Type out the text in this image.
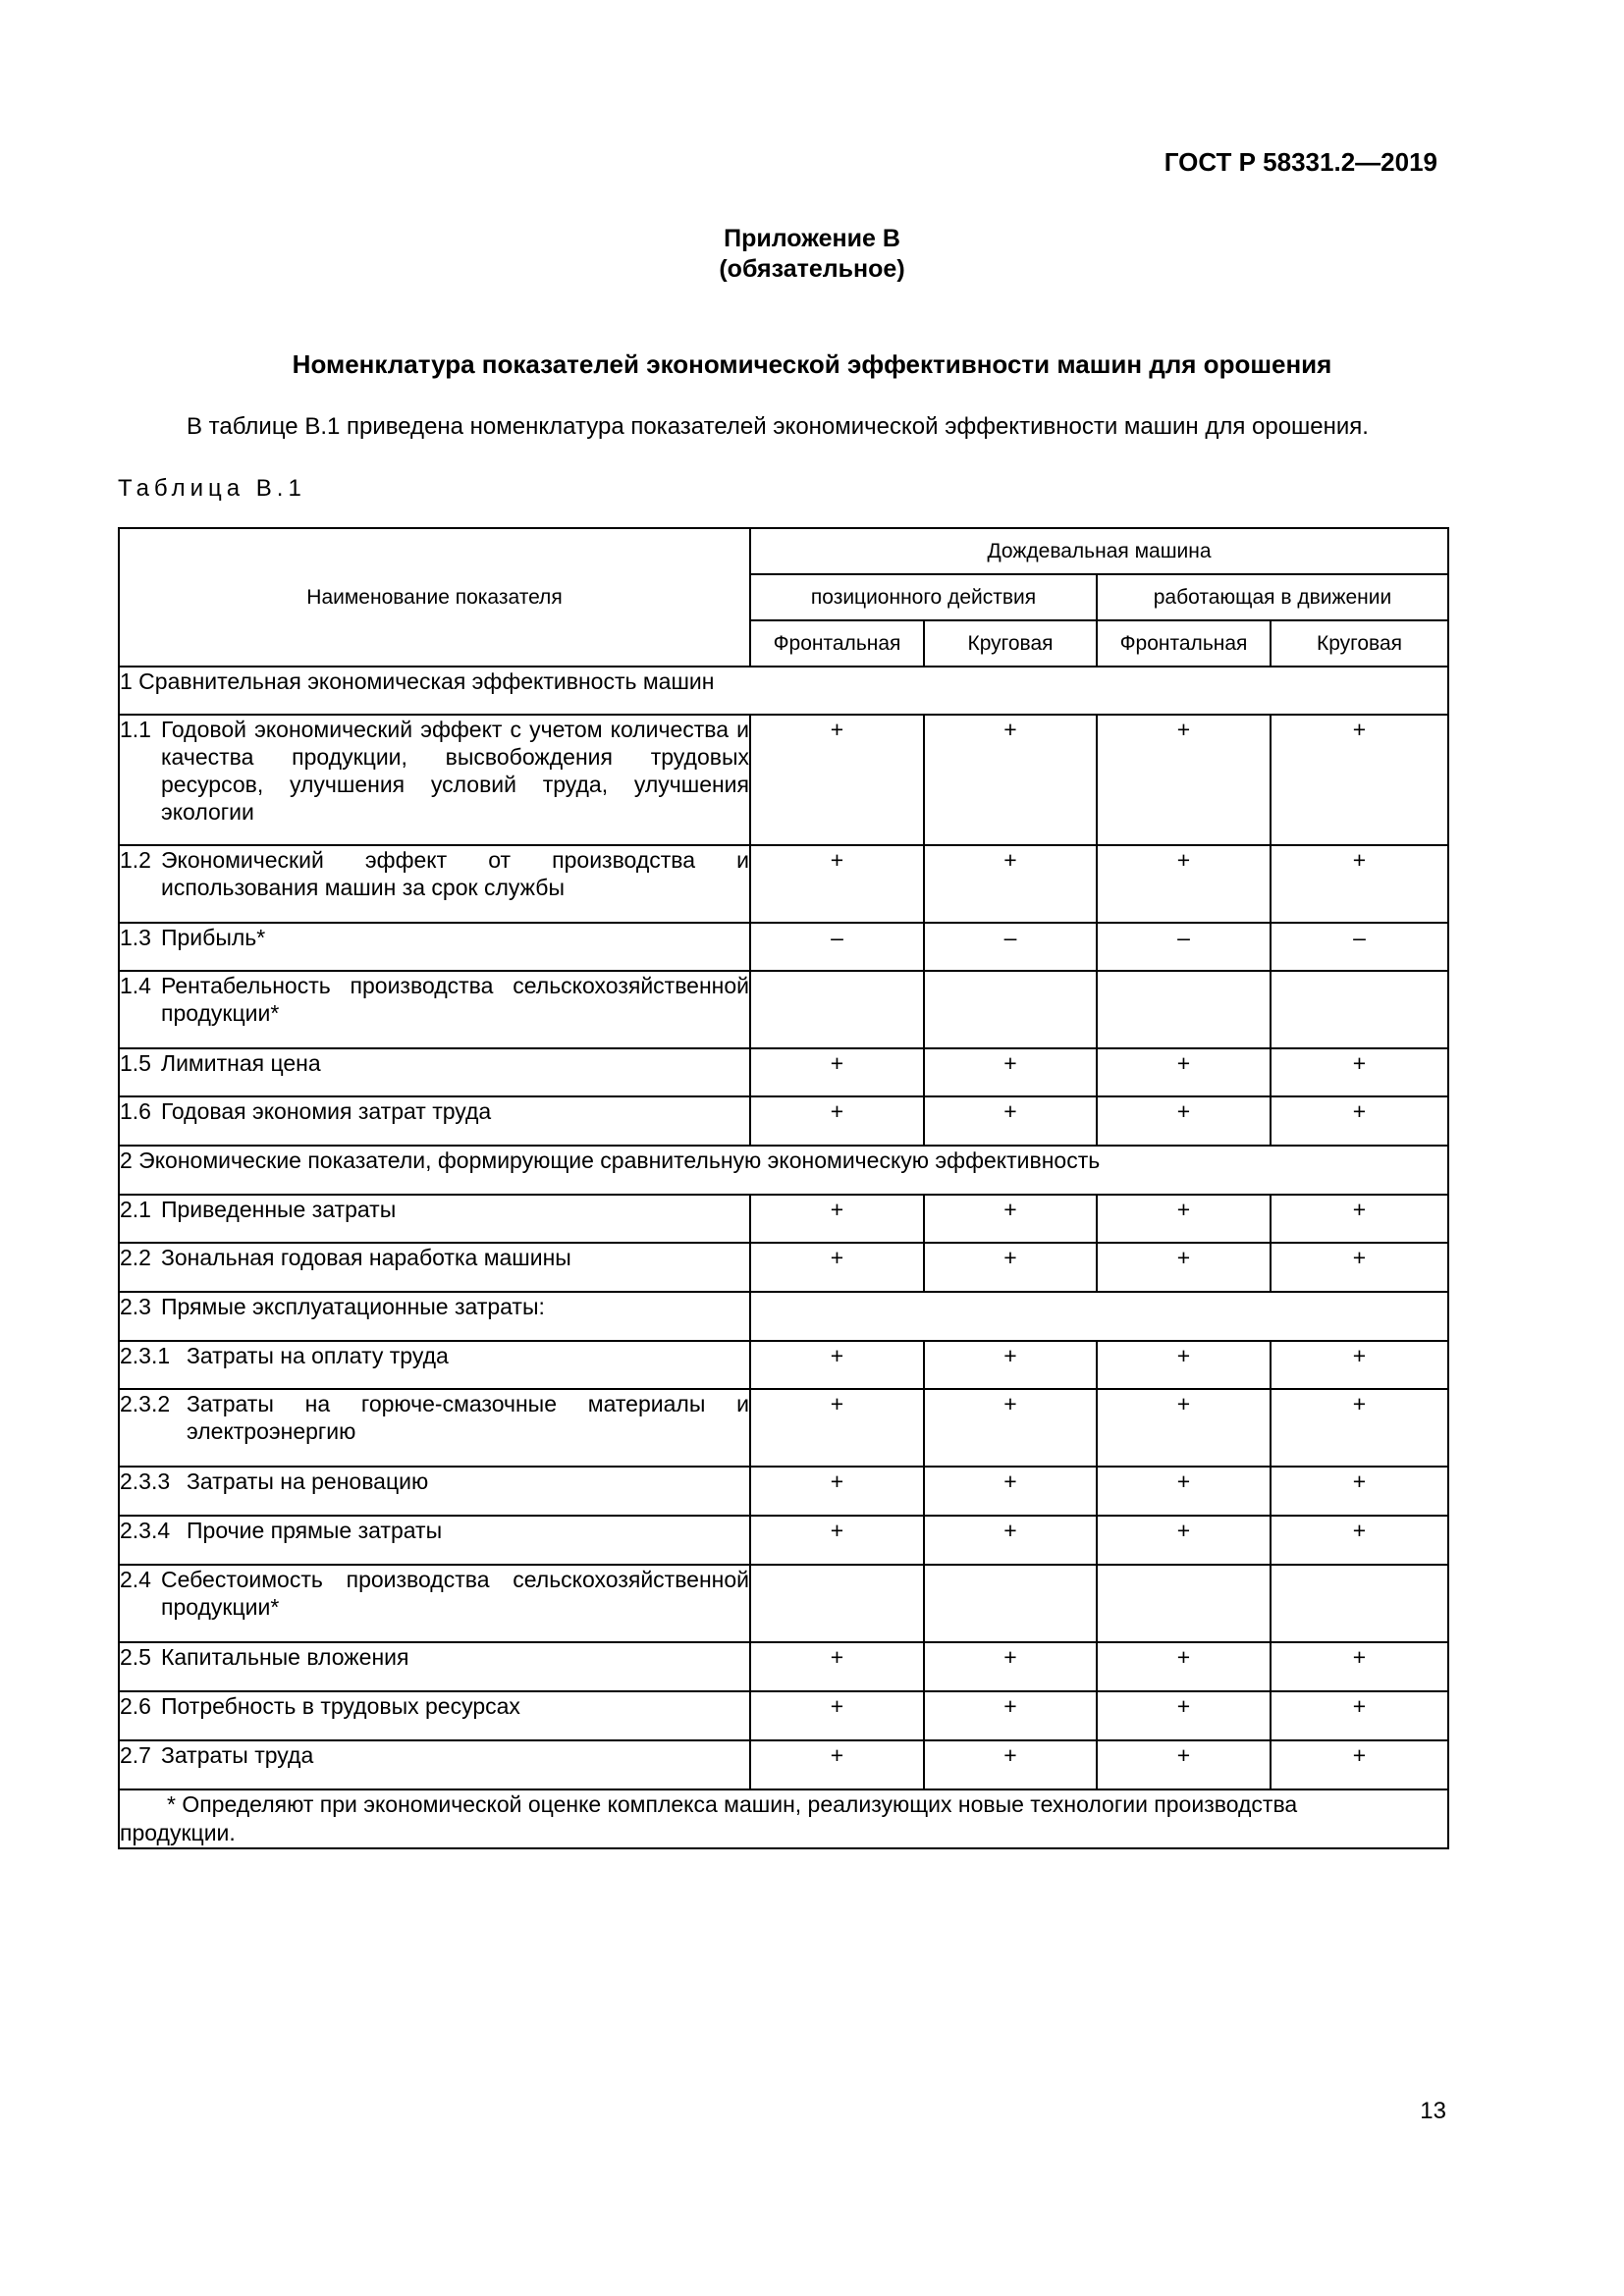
ГОСТ Р 58331.2—2019
Приложение В
(обязательное)
Номенклатура показателей экономической эффективности машин для орошения
В таблице В.1 приведена номенклатура показателей экономической эффективности машин для орошения.
Таблица В.1
Наименование показателя	Дождевальная машина			
	позиционного действия		работающая в движении	
	Фронтальная	Круговая	Фронтальная	Круговая
1 Сравнительная экономическая эффективность машин				

1.1 Годовой экономический эффект с учетом количества и качества продукции, высвобождения трудовых ресурсов, улучшения условий труда, улучшения экологии	+	+	+	+

1.2 Экономический эффект от производства и использования машин за срок службы	+	+	+	+

1.3 Прибыль*	–	–	–	–

1.4 Рентабельность производства сельскохозяйственной продукции*				

1.5 Лимитная цена	+	+	+	+

1.6 Годовая экономия затрат труда	+	+	+	+
2 Экономические показатели, формирующие сравнительную экономическую эффективность				

2.1 Приведенные затраты	+	+	+	+

2.2 Зональная годовая наработка машины	+	+	+	+

2.3 Прямые эксплуатационные затраты:				

2.3.1 Затраты на оплату труда	+	+	+	+

2.3.2 Затраты на горюче-смазочные материалы и электроэнергию	+	+	+	+

2.3.3 Затраты на реновацию	+	+	+	+

2.3.4 Прочие прямые затраты	+	+	+	+

2.4 Себестоимость производства сельскохозяйственной продукции*				

2.5 Капитальные вложения	+	+	+	+

2.6 Потребность в трудовых ресурсах	+	+	+	+

2.7 Затраты труда	+	+	+	+

* Определяют при экономической оценке комплекса машин, реализующих новые технологии производства
продукции.				
13
